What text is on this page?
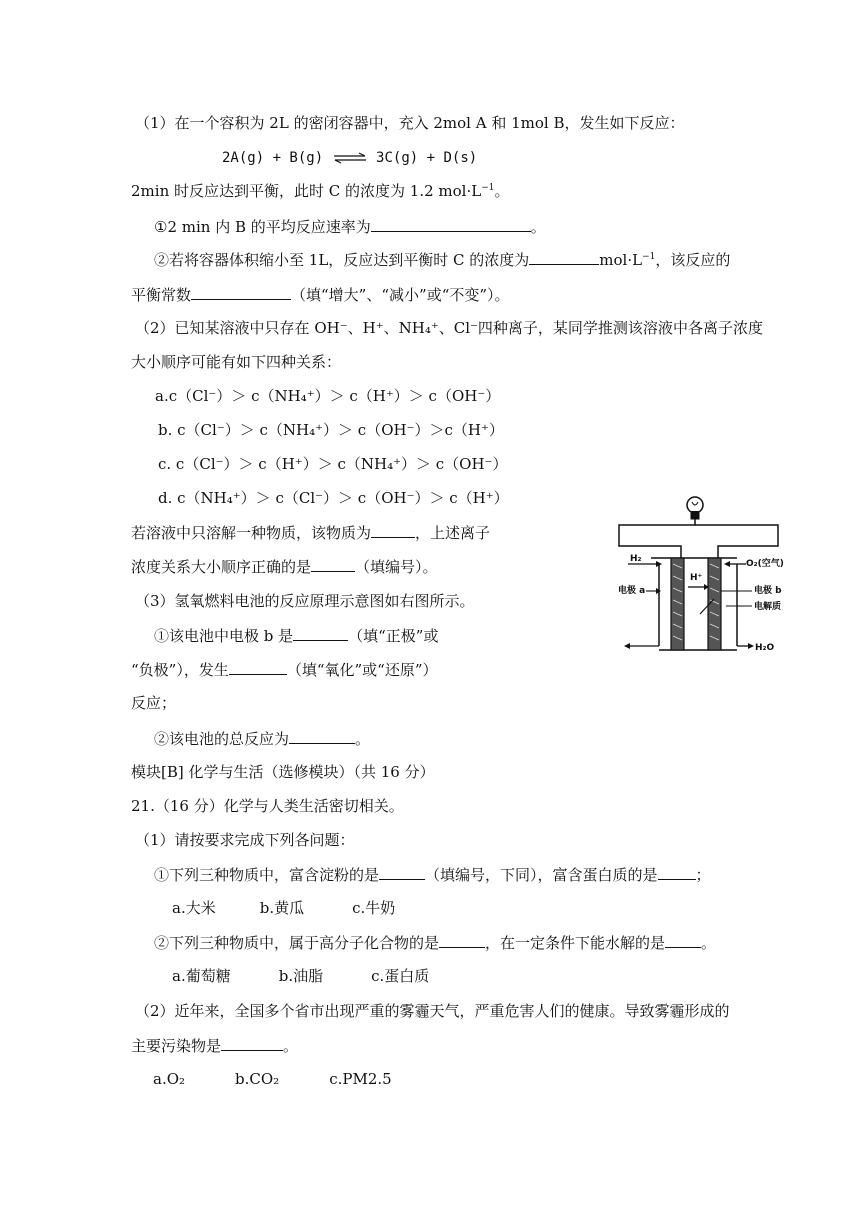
（1）在一个容积为 2L 的密闭容器中，充入 2mol A 和 1mol B，发生如下反应：
2A(g) + B(g) ⇌ 3C(g) + D(s)
2min 时反应达到平衡，此时 C 的浓度为 1.2 $mol\cdot L^{-1}$。
①2 min 内 B 的平均反应速率为	。
②若将容器体积缩小至 1L，反应达到平衡时 C 的浓度为	$mol\cdot L^{-1}$，该反应的
平衡常数	（填“增大”、“减小”或“不变”）。
（2）已知某溶液中只存在 OH⁻、H⁺、NH₄⁺、Cl⁻四种离子，某同学推测该溶液中各离子浓度
大小顺序可能有如下四种关系：
a.c（Cl⁻）＞ c（NH₄⁺）＞ c（H⁺）＞ c（OH⁻）
b. c（Cl⁻）＞ c（NH₄⁺）＞ c（OH⁻）＞c（H⁺）
c. c（Cl⁻）＞ c（H⁺）＞ c（NH₄⁺）＞ c（OH⁻）
d. c（NH₄⁺）＞ c（Cl⁻）＞ c（OH⁻）＞ c（H⁺）
若溶液中只溶解一种物质，该物质为	，上述离子
浓度关系大小顺序正确的是	（填编号）。
（3）氢氧燃料电池的反应原理示意图如右图所示。
①该电池中电极 b 是	（填“正极”或
“负极”），发生	（填“氧化”或“还原”）
反应；
②该电池的总反应为	。
H₂	O₂(空气)
H⁺
电极 a	电极 b
电解质
H₂O
模块[B] 化学与生活（选修模块）（共 16 分）
21.（16 分）化学与人类生活密切相关。
（1）请按要求完成下列各问题：
①下列三种物质中，富含淀粉的是	（填编号，下同），富含蛋白质的是	；
a.大米	b.黄瓜	c.牛奶
②下列三种物质中，属于高分子化合物的是	，在一定条件下能水解的是 。
a.葡萄糖	b.油脂	c.蛋白质
（2）近年来，全国多个省市出现严重的雾霾天气，严重危害人们的健康。导致雾霾形成的
主要污染物是	。
a.O₂	b.CO₂	c.PM2.5
